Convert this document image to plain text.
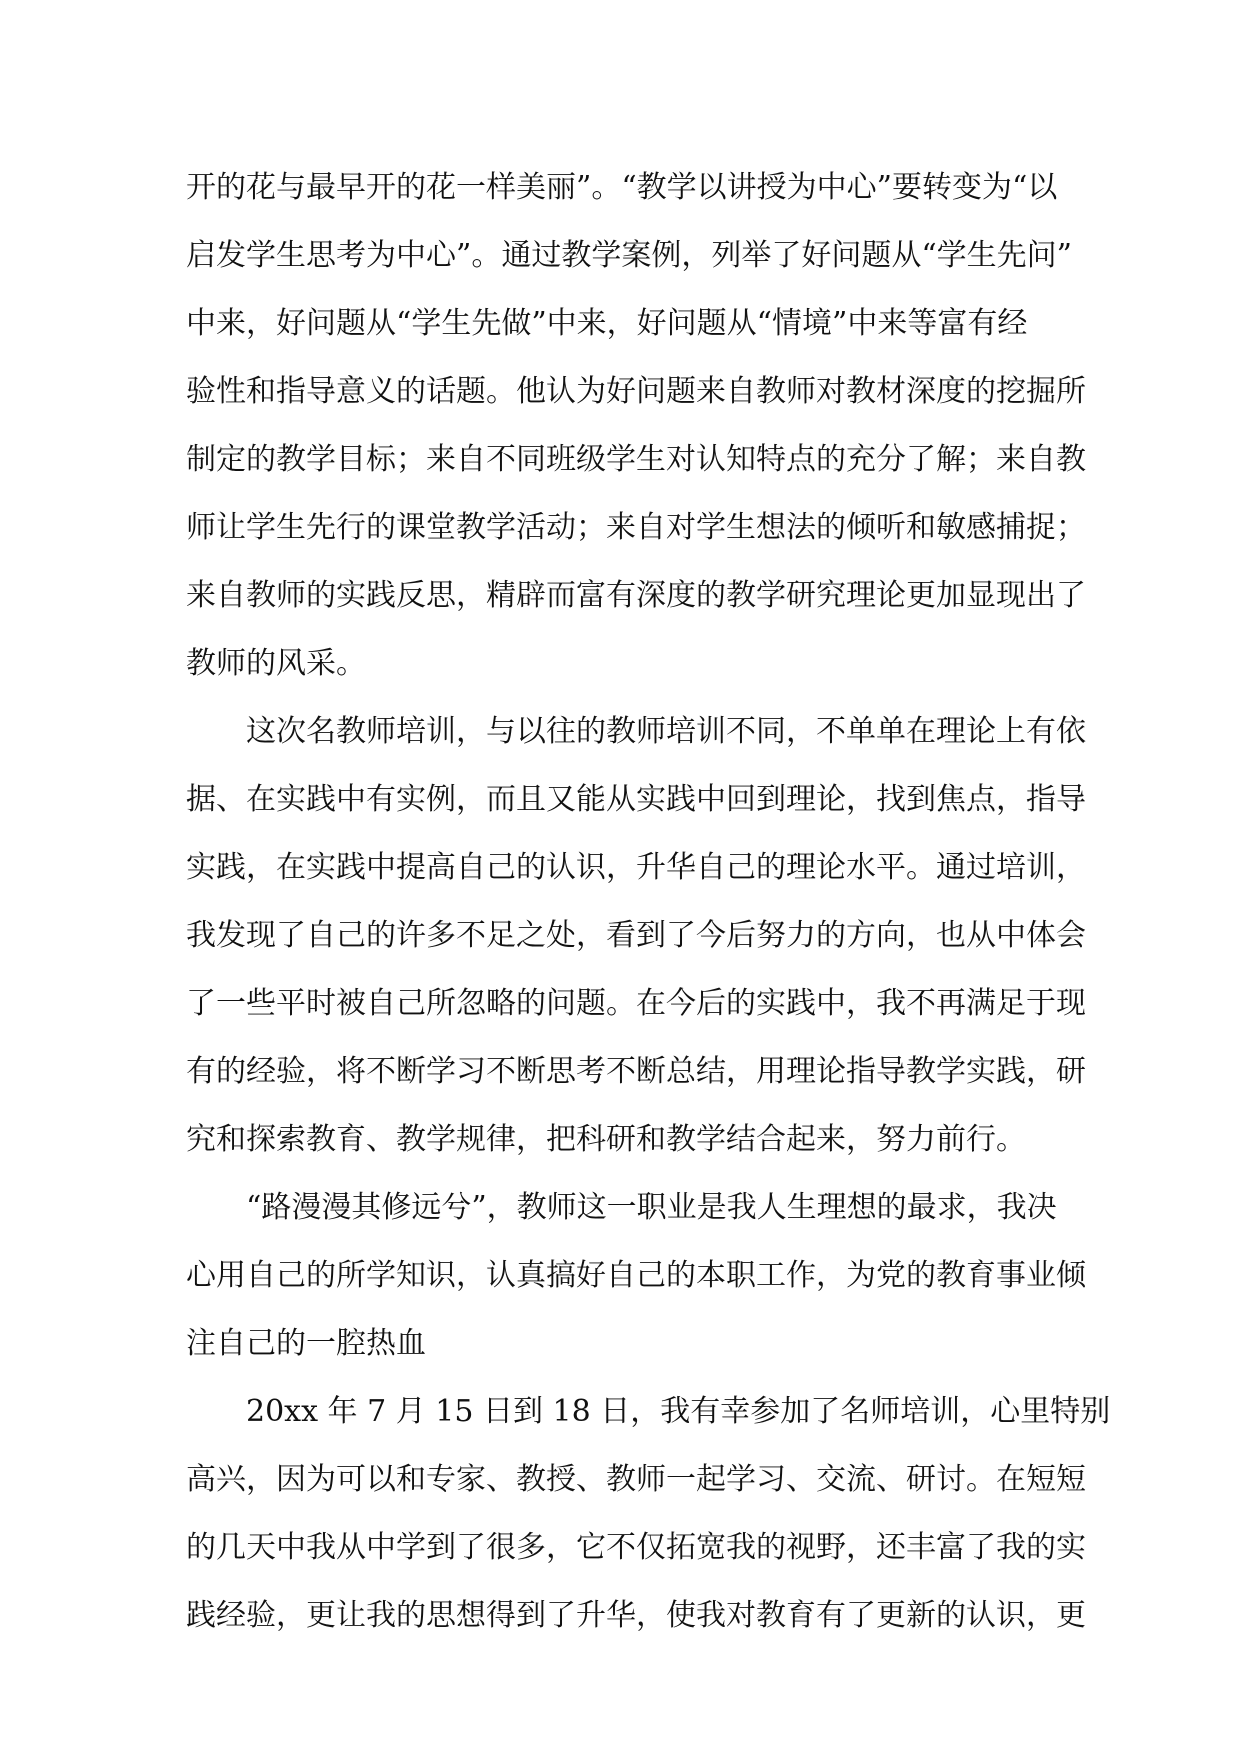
开的花与最早开的花一样美丽”。“教学以讲授为中心”要转变为“以
启发学生思考为中心”。通过教学案例，列举了好问题从“学生先问”
中来，好问题从“学生先做”中来，好问题从“情境”中来等富有经
验性和指导意义的话题。他认为好问题来自教师对教材深度的挖掘所
制定的教学目标；来自不同班级学生对认知特点的充分了解；来自教
师让学生先行的课堂教学活动；来自对学生想法的倾听和敏感捕捉；
来自教师的实践反思，精辟而富有深度的教学研究理论更加显现出了
教师的风采。
这次名教师培训，与以往的教师培训不同，不单单在理论上有依
据、在实践中有实例，而且又能从实践中回到理论，找到焦点，指导
实践，在实践中提高自己的认识，升华自己的理论水平。通过培训，
我发现了自己的许多不足之处，看到了今后努力的方向，也从中体会
了一些平时被自己所忽略的问题。在今后的实践中，我不再满足于现
有的经验，将不断学习不断思考不断总结，用理论指导教学实践，研
究和探索教育、教学规律，把科研和教学结合起来，努力前行。
“路漫漫其修远兮”，教师这一职业是我人生理想的最求，我决
心用自己的所学知识，认真搞好自己的本职工作，为党的教育事业倾
注自己的一腔热血
20xx 年 7 月 15 日到 18 日，我有幸参加了名师培训，心里特别
高兴，因为可以和专家、教授、教师一起学习、交流、研讨。在短短
的几天中我从中学到了很多，它不仅拓宽我的视野，还丰富了我的实
践经验，更让我的思想得到了升华，使我对教育有了更新的认识，更
